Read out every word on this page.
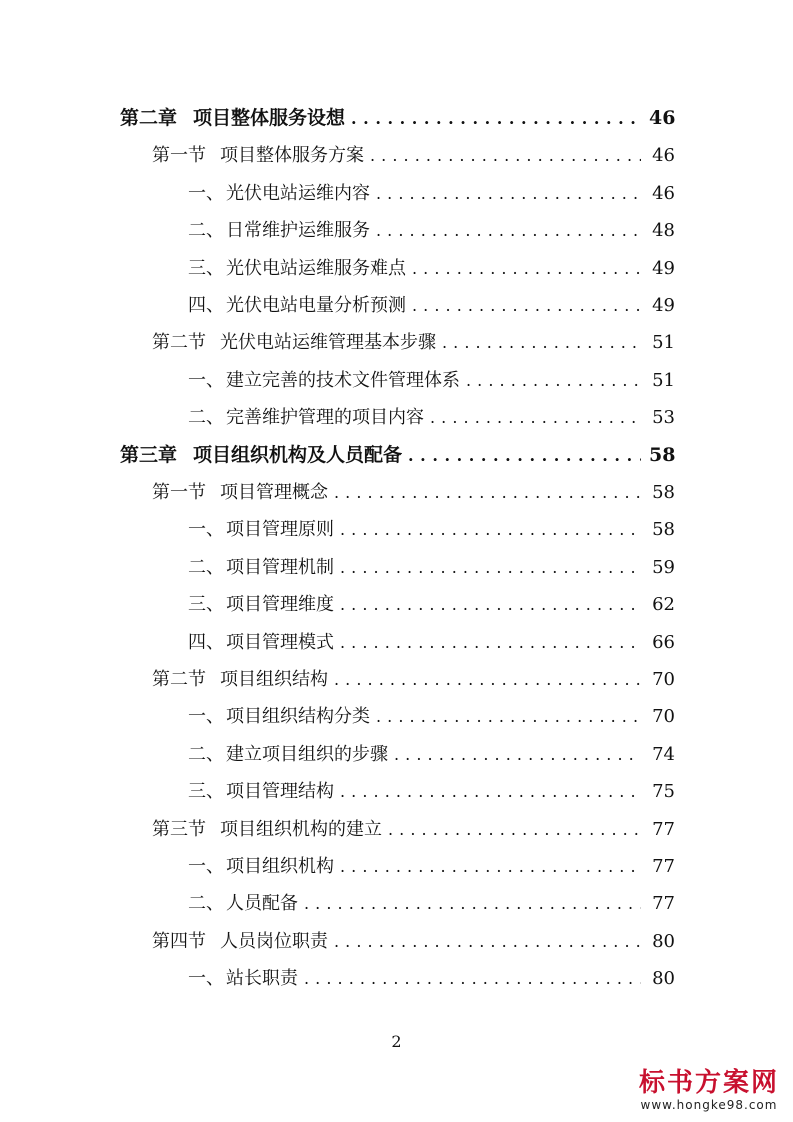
第二章 项目整体服务设想 . . .	46
第一节 项目整体服务方案 . . .	46
一、 光伏电站运维内容 . . .	46
二、 日常维护运维服务 . . .	48
三、 光伏电站运维服务难点 . . .	49
四、 光伏电站电量分析预测 . . .	49
第二节 光伏电站运维管理基本步骤 . . .	51
一、 建立完善的技术文件管理体系 . . .	51
二、 完善维护管理的项目内容 . . .	53
第三章 项目组织机构及人员配备 . . .	58
第一节 项目管理概念 . . .	58
一、 项目管理原则 . . .	58
二、 项目管理机制 . . .	59
三、 项目管理维度 . . .	62
四、 项目管理模式 . . .	66
第二节 项目组织结构 . . .	70
一、 项目组织结构分类 . . .	70
二、 建立项目组织的步骤 . . .	74
三、 项目管理结构 . . .	75
第三节 项目组织机构的建立 . . .	77
一、 项目组织机构 . . .	77
二、 人员配备 . . .	77
第四节 人员岗位职责 . . .	80
一、 站长职责 . . .	80
2
标书方案网
www.hongke98.com
